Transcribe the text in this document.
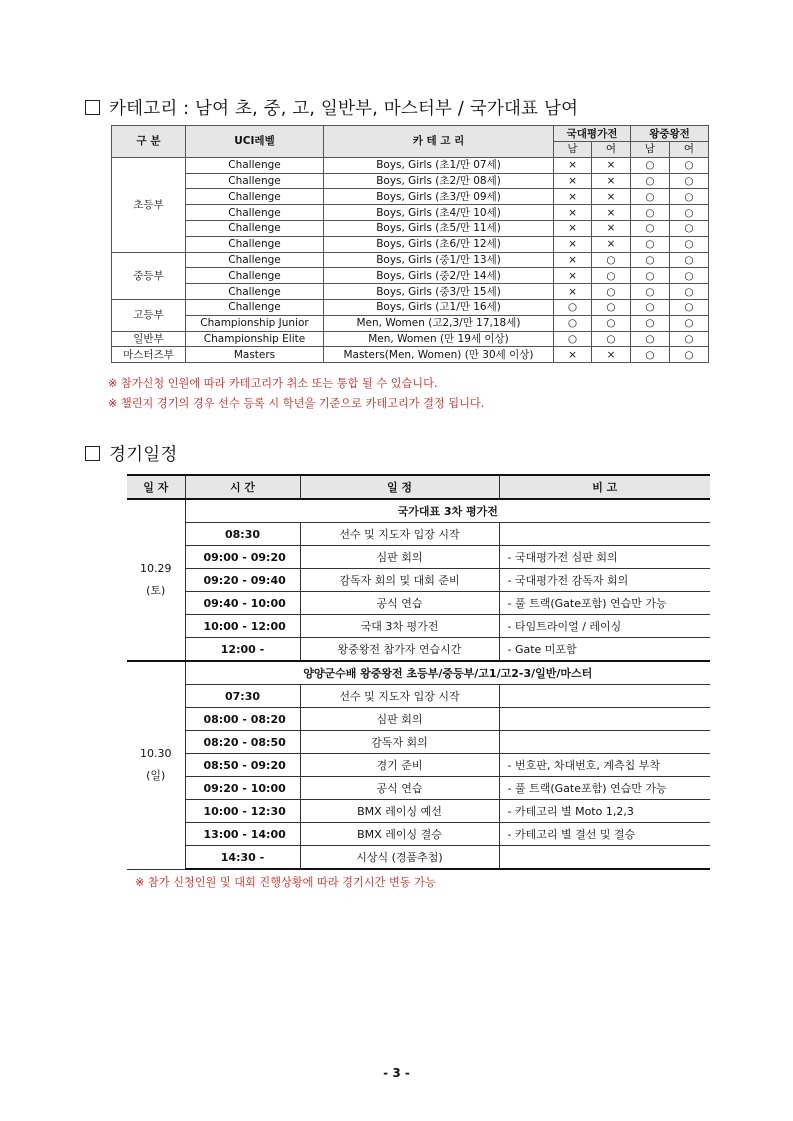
카테고리 : 남여 초, 중, 고, 일반부, 마스터부 / 국가대표 남여
구 분	UCI레벨	카 테 고 리	국대평가전		왕중왕전	
			남	여	남	여
초등부	Challenge	Boys, Girls (초1/만 07세)	×	×	○	○
	Challenge	Boys, Girls (초2/만 08세)	×	×	○	○
	Challenge	Boys, Girls (초3/만 09세)	×	×	○	○
	Challenge	Boys, Girls (초4/만 10세)	×	×	○	○
	Challenge	Boys, Girls (초5/만 11세)	×	×	○	○
	Challenge	Boys, Girls (초6/만 12세)	×	×	○	○
중등부	Challenge	Boys, Girls (중1/만 13세)	×	○	○	○
	Challenge	Boys, Girls (중2/만 14세)	×	○	○	○
	Challenge	Boys, Girls (중3/만 15세)	×	○	○	○
고등부	Challenge	Boys, Girls (고1/만 16세)	○	○	○	○
	Championship Junior	Men, Women (고2,3/만 17,18세)	○	○	○	○
일반부	Championship Elite	Men, Women (만 19세 이상)	○	○	○	○
마스터즈부	Masters	Masters(Men, Women) (만 30세 이상)	×	×	○	○
※ 참가신청 인원에 따라 카테고리가 취소 또는 통합 될 수 있습니다.
※ 챌린지 경기의 경우 선수 등록 시 학년을 기준으로 카테고리가 결정 됩니다.
경기일정
일 자	시 간	일 정	비 고

10.29
(토)	국가대표 3차 평가전		
	08:30	선수 및 지도자 입장 시작	
	09:00 - 09:20	심판 회의	- 국대평가전 심판 회의
	09:20 - 09:40	감독자 회의 및 대회 준비	- 국대평가전 감독자 회의
	09:40 - 10:00	공식 연습	- 풀 트랙(Gate포함) 연습만 가능
	10:00 - 12:00	국대 3차 평가전	- 타임트라이얼 / 레이싱
	12:00 -	왕중왕전 참가자 연습시간	- Gate 미포함

10.30
(일)	양양군수배 왕중왕전 초등부/중등부/고1/고2-3/일반/마스터		
	07:30	선수 및 지도자 입장 시작	
	08:00 - 08:20	심판 회의	
	08:20 - 08:50	감독자 회의	
	08:50 - 09:20	경기 준비	- 번호판, 차대번호, 계측칩 부착
	09:20 - 10:00	공식 연습	- 풀 트랙(Gate포함) 연습만 가능
	10:00 - 12:30	BMX 레이싱 예선	- 카테고리 별 Moto 1,2,3
	13:00 - 14:00	BMX 레이싱 결승	- 카테고리 별 결선 및 결승
	14:30 -	시상식 (경품추첨)	
※ 참가 신청인원 및 대회 진행상황에 따라 경기시간 변동 가능
- 3 -
